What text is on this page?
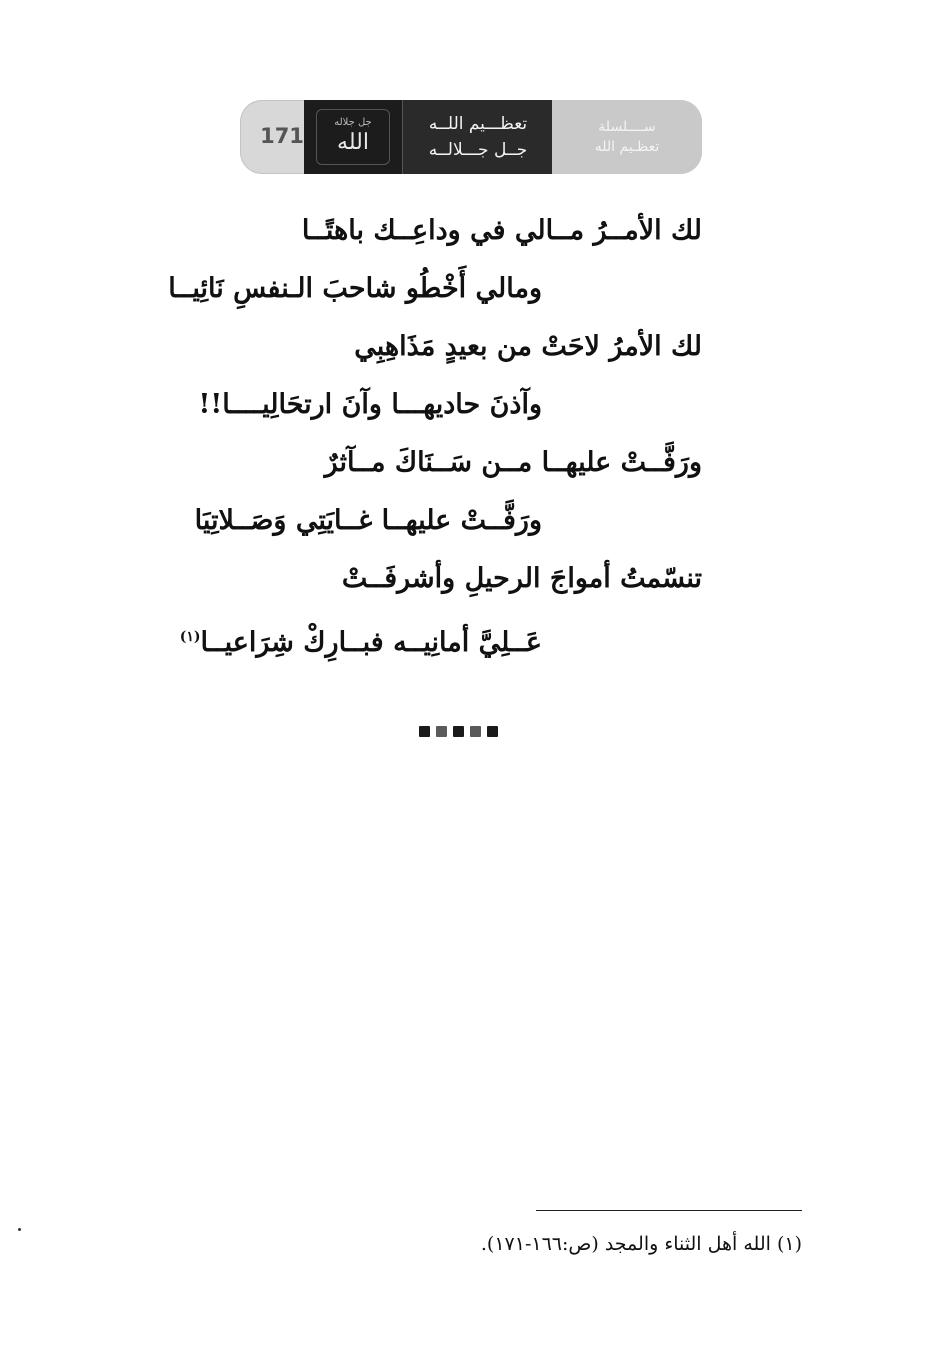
171
جل جلاله
الله
تعظـــيم اللــه
جــل جـــلالــه
ســــلسلة
تعظـيم الله
لك الأمــرُ مــالي في وداعِــك باهتًــا
ومالي أَخْطُو شاحبَ الـنفسِ نَائِيــا
لك الأمرُ لاحَتْ من بعيدٍ مَذَاهِبِي
وآذنَ حاديهـــا وآنَ ارتحَالِيــــا!!
ورَفَّــتْ عليهــا مــن سَــنَاكَ مــآثرٌ
ورَفَّــتْ عليهــا غــايَتِي وَصَــلاتِيَا
تنسّمتُ أمواجَ الرحيلِ وأشرفَــتْ
عَــلِيَّ أمانِيــه فبــارِكْ شِرَاعيــا$^{(١)}$
(١) الله أهل الثناء والمجد (ص:١٦٦-١٧١).
